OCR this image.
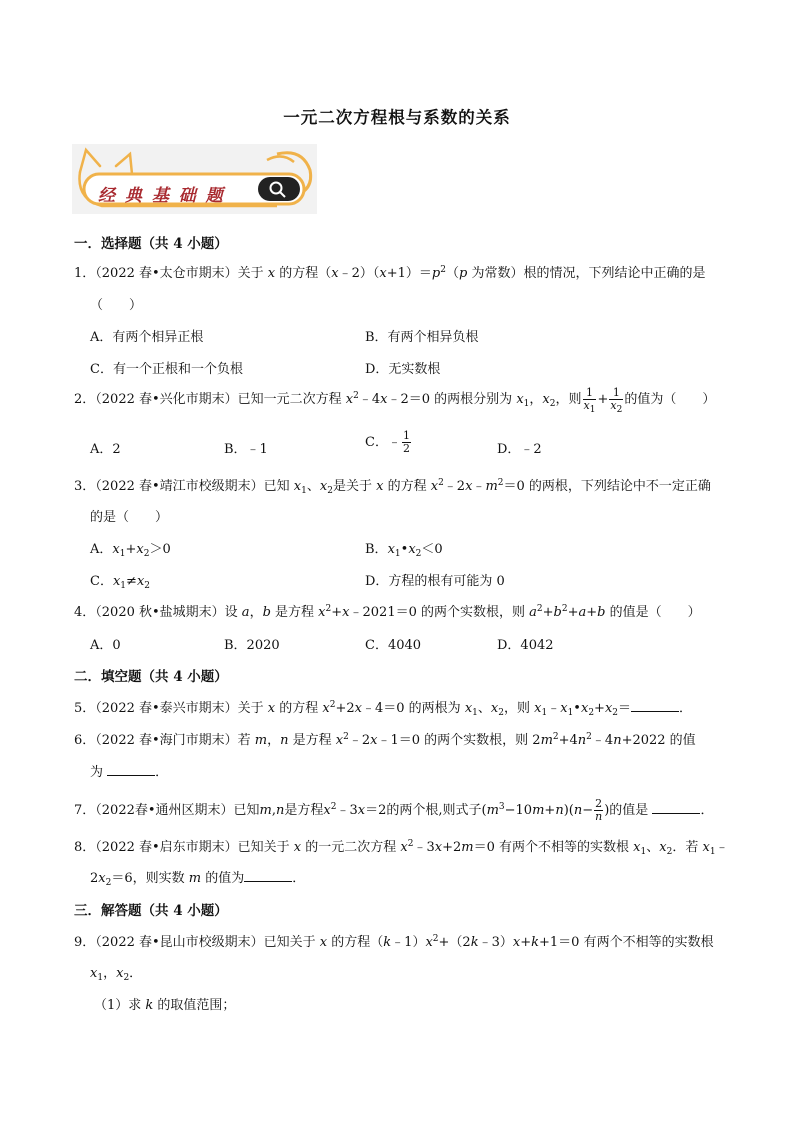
一元二次方程根与系数的关系
经 典 基 础 题
一．选择题（共 4 小题）
1．（2022 春•太仓市期末）关于 x 的方程$(x﹣2)(x+1)=p^2(p$ 为常数）根的情况，下列结论中正确的是
（　　）
A．有两个相异正根	B．有两个相异负根
C．有一个正根和一个负根	D．无实数根
2．（2022 春•兴化市期末）已知一元二次方程 $x^2﹣4x﹣2=0$ 的两根分别为 $x_1$，$x_2$，则 $\frac{1}{x_1} + \frac{1}{x_2}$ 的值为（　　）
A．2	B．﹣1	C．﹣ $\frac{1}{2}$	D．﹣2
3．（2022 春•靖江市校级期末）已知 $x_1$、$x_2$是关于 x 的方程 $x^2﹣2x﹣m^2=0$ 的两根，下列结论中不一定正确
的是（　　）
A．$x_1+x_2>0$	B．$x_1•x_2<0$
C．$x_1\ne x_2$	D．方程的根有可能为 0
4．（2020 秋•盐城期末）设 a，b 是方程 $x^2+x﹣2021=0$ 的两个实数根，则 $a^2+b^2+a+b$ 的值是（　　）
A．0	B．2020	C．4040	D．4042
二．填空题（共 4 小题）
5．（2022 春•泰兴市期末）关于 x 的方程 $x^2+2x﹣4=0$ 的两根为 $x_1$、$x_2$，则 $x_1﹣x_1•x_2+x_2=$	．
6．（2022 春•海门市期末）若 m，n 是方程 $x^2﹣2x﹣1=0$ 的两个实数根，则 $2m^2+4n^2﹣4n+2022$ 的值
为	．
7．（2022春•通州区期末）已知m,n是方程$x^2﹣3x=2$的两个根,则式子$(m^3-10m+n)(n- \frac{2}{n}$ )的值是	．
8．（2022 春•启东市期末）已知关于 x 的一元二次方程 $x^2﹣3x+2m=0$ 有两个不相等的实数根 $x_1$、$x_2$．若 $x_1﹣$
$2x_2=6$，则实数 m 的值为	．
三．解答题（共 4 小题）
9．（2022 春•昆山市校级期末）已知关于 x 的方程$(k﹣1)x^2+(2k﹣3)x+k+1=0$ 有两个不相等的实数根
$x_1$，$x_2$．
（1）求 k 的取值范围；
